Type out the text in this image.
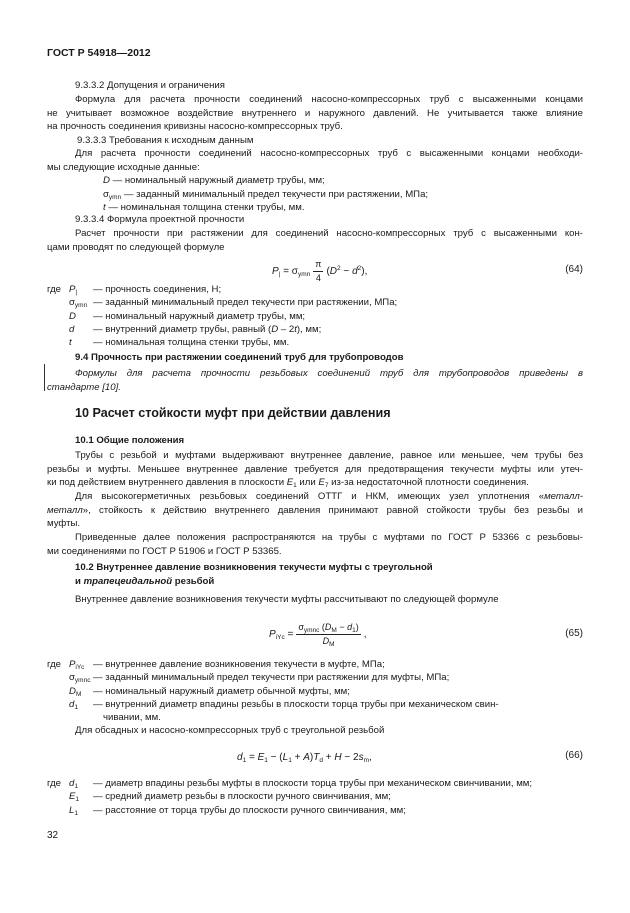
ГОСТ Р 54918—2012
9.3.3.2 Допущения и ограничения
Формула для расчета прочности соединений насосно-компрессорных труб с высаженными концами
не учитывает возможное воздействие внутреннего и наружного давлений. Не учитывается также влияние
на прочность соединения кривизны насосно-компрессорных труб.
9.3.3.3 Требования к исходным данным
Для расчета прочности соединений насосно-компрессорных труб с высаженными концами необходи-
мы следующие исходные данные:
D — номинальный наружный диаметр трубы, мм;
$\sigma_{ymn}$ — заданный минимальный предел текучести при растяжении, МПа;
t — номинальная толщина стенки трубы, мм.
9.3.3.4 Формула проектной прочности
Расчет прочности при растяжении для соединений насосно-компрессорных труб с высаженными кон-
цами проводят по следующей формуле
$P_| = \sigma_{ymn} \frac{\pi}{4} (D^2 - d^2)$,	(64)
где $P_|$ — прочность соединения, Н;
$\sigma_{ymn}$ — заданный минимальный предел текучести при растяжении, МПа;
D — номинальный наружный диаметр трубы, мм;
d — внутренний диаметр трубы, равный (D – 2t), мм;
t — номинальная толщина стенки трубы, мм.
9.4 Прочность при растяжении соединений труб для трубопроводов
Формулы для расчета прочности резьбовых соединений труб для трубопроводов приведены в
стандарте [10].
10 Расчет стойкости муфт при действии давления
10.1 Общие положения
Трубы с резьбой и муфтами выдерживают внутреннее давление, равное или меньшее, чем трубы без
резьбы и муфты. Меньшее внутреннее давление требуется для предотвращения текучести муфты или утеч-
ки под действием внутреннего давления в плоскости $E_1$ или $E_7$ из-за недостаточной плотности соединения.
Для высокогерметичных резьбовых соединений ОТТГ и НКМ, имеющих узел уплотнения «металл-
металл», стойкость к действию внутреннего давления принимают равной стойкости трубы без резьбы и
муфты.
Приведенные далее положения распространяются на трубы с муфтами по ГОСТ Р 53366 с резьбовы-
ми соединениями по ГОСТ Р 51906 и ГОСТ Р 53365.
10.2 Внутреннее давление возникновения текучести муфты с треугольной
и трапецеидальной резьбой
Внутреннее давление возникновения текучести муфты рассчитывают по следующей формуле
$P_{iYc} = \frac{\sigma_{ymnc} (D_M - d_1)}{D_M}$ ,	(65)
где $P_{iYc}$ — внутреннее давление возникновения текучести в муфте, МПа;
$\sigma_{ymnc}$ — заданный минимальный предел текучести при растяжении для муфты, МПа;
$D_M$ — номинальный наружный диаметр обычной муфты, мм;
$d_1$ — внутренний диаметр впадины резьбы в плоскости торца трубы при механическом свин-
чивании, мм.
Для обсадных и насосно-компрессорных труб с треугольной резьбой
$d_1 = E_1 - (L_1 + A)T_d + H - 2s_m$,	(66)
где $d_1$ — диаметр впадины резьбы муфты в плоскости торца трубы при механическом свинчивании, мм;
$E_1$ — средний диаметр резьбы в плоскости ручного свинчивания, мм;
$L_1$ — расстояние от торца трубы до плоскости ручного свинчивания, мм;
32
